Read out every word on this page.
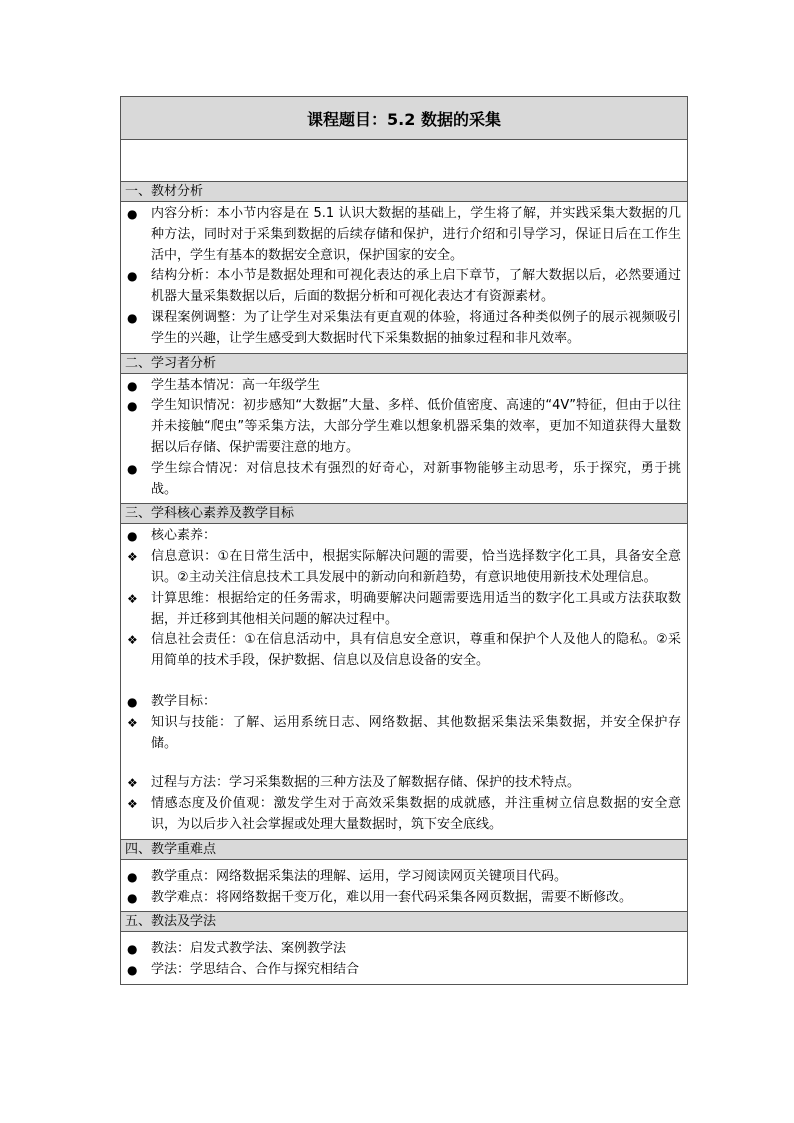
课程题目：5.2 数据的采集
一、教材分析
●	内容分析：本小节内容是在 5.1 认识大数据的基础上，学生将了解，并实践采集大数据的几种方法，同时对于采集到数据的后续存储和保护，进行介绍和引导学习，保证日后在工作生活中，学生有基本的数据安全意识，保护国家的安全。
●	结构分析：本小节是数据处理和可视化表达的承上启下章节，了解大数据以后，必然要通过机器大量采集数据以后，后面的数据分析和可视化表达才有资源素材。
●	课程案例调整：为了让学生对采集法有更直观的体验，将通过各种类似例子的展示视频吸引学生的兴趣，让学生感受到大数据时代下采集数据的抽象过程和非凡效率。
二、学习者分析
●	学生基本情况：高一年级学生
●	学生知识情况：初步感知“大数据”大量、多样、低价值密度、高速的“4V”特征，但由于以往并未接触“爬虫”等采集方法，大部分学生难以想象机器采集的效率，更加不知道获得大量数据以后存储、保护需要注意的地方。
●	学生综合情况：对信息技术有强烈的好奇心，对新事物能够主动思考，乐于探究，勇于挑战。
三、学科核心素养及教学目标
●	核心素养：
❖	信息意识：①在日常生活中，根据实际解决问题的需要，恰当选择数字化工具，具备安全意识。②主动关注信息技术工具发展中的新动向和新趋势，有意识地使用新技术处理信息。
❖	计算思维：根据给定的任务需求，明确要解决问题需要选用适当的数字化工具或方法获取数据，并迁移到其他相关问题的解决过程中。
❖	信息社会责任：①在信息活动中，具有信息安全意识，尊重和保护个人及他人的隐私。②采用简单的技术手段，保护数据、信息以及信息设备的安全。
●	教学目标：
❖	知识与技能：了解、运用系统日志、网络数据、其他数据采集法采集数据，并安全保护存储。
❖	过程与方法：学习采集数据的三种方法及了解数据存储、保护的技术特点。
❖	情感态度及价值观：激发学生对于高效采集数据的成就感，并注重树立信息数据的安全意识，为以后步入社会掌握或处理大量数据时，筑下安全底线。
四、教学重难点
●	教学重点：网络数据采集法的理解、运用，学习阅读网页关键项目代码。
●	教学难点：将网络数据千变万化，难以用一套代码采集各网页数据，需要不断修改。
五、教法及学法
●	教法：启发式教学法、案例教学法
●	学法：学思结合、合作与探究相结合
